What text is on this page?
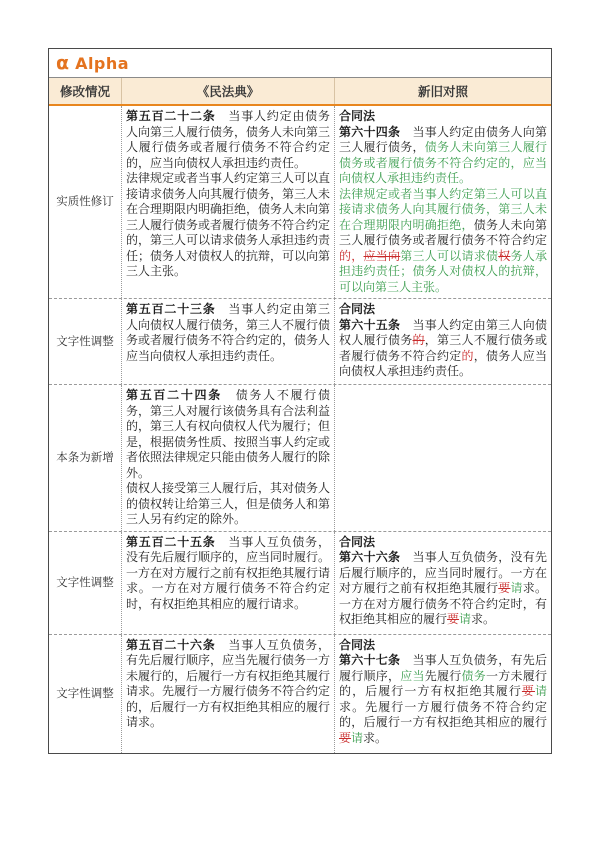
α Alpha
修改情况	《民法典》	新旧对照
实质性修订

第五百二十二条　当事人约定由债务人向第三人履行债务，债务人未向第三人履行债务或者履行债务不符合约定的，应当向债权人承担违约责任。

法律规定或者当事人约定第三人可以直接请求债务人向其履行债务，第三人未在合理期限内明确拒绝，债务人未向第三人履行债务或者履行债务不符合约定的，第三人可以请求债务人承担违约责任；债务人对债权人的抗辩，可以向第三人主张。

合同法

第六十四条　当事人约定由债务人向第三人履行债务，债务人未向第三人履行债务或者履行债务不符合约定的，应当向债权人承担违约责任。

法律规定或者当事人约定第三人可以直接请求债务人向其履行债务，第三人未在合理期限内明确拒绝，债务人未向第三人履行债务或者履行债务不符合约定的，应当向第三人可以请求债权务人承担违约责任；债务人对债权人的抗辩，可以向第三人主张。

文字性调整

第五百二十三条　当事人约定由第三人向债权人履行债务，第三人不履行债务或者履行债务不符合约定的，债务人应当向债权人承担违约责任。

合同法

第六十五条　当事人约定由第三人向债权人履行债务的，第三人不履行债务或者履行债务不符合约定的，债务人应当向债权人承担违约责任。

本条为新增

第五百二十四条　债务人不履行债务，第三人对履行该债务具有合法利益的，第三人有权向债权人代为履行；但是，根据债务性质、按照当事人约定或者依照法律规定只能由债务人履行的除外。

债权人接受第三人履行后，其对债务人的债权转让给第三人，但是债务人和第三人另有约定的除外。

文字性调整

第五百二十五条　当事人互负债务，没有先后履行顺序的，应当同时履行。一方在对方履行之前有权拒绝其履行请求。一方在对方履行债务不符合约定时，有权拒绝其相应的履行请求。

合同法

第六十六条　当事人互负债务，没有先后履行顺序的，应当同时履行。一方在对方履行之前有权拒绝其履行要请求。一方在对方履行债务不符合约定时，有权拒绝其相应的履行要请求。

文字性调整

第五百二十六条　当事人互负债务，有先后履行顺序，应当先履行债务一方未履行的，后履行一方有权拒绝其履行请求。先履行一方履行债务不符合约定的，后履行一方有权拒绝其相应的履行请求。

合同法

第六十七条　当事人互负债务，有先后履行顺序，应当先履行债务一方未履行的，后履行一方有权拒绝其履行要请求。先履行一方履行债务不符合约定的，后履行一方有权拒绝其相应的履行要请求。
